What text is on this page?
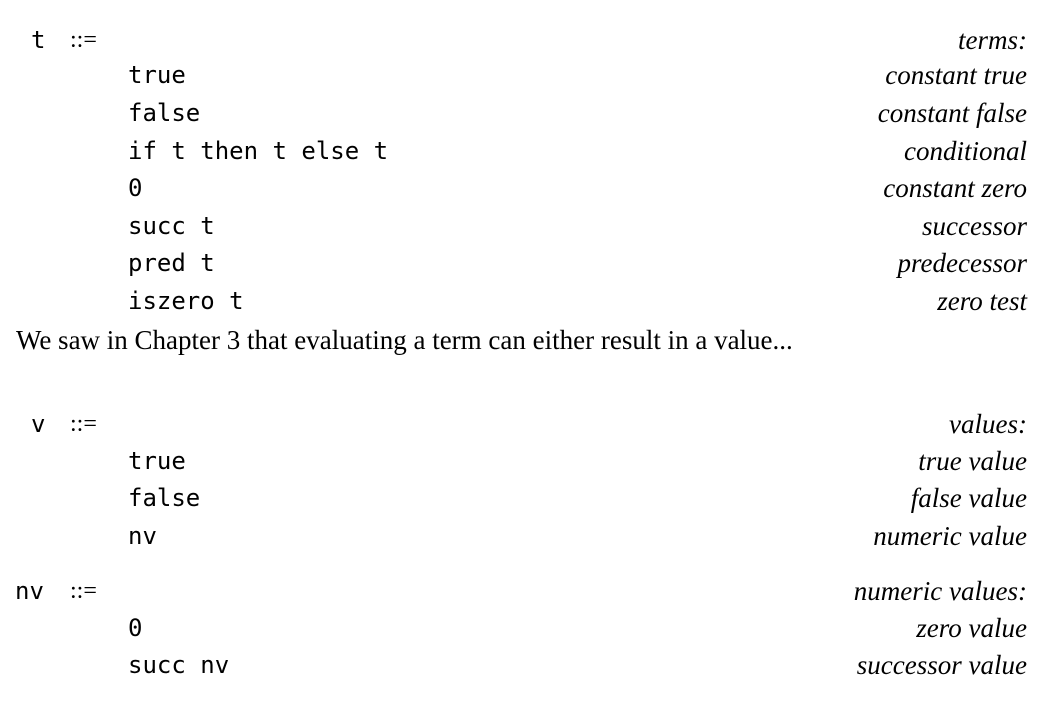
t ::=	terms:
true	constant true
false	constant false
if t then t else t	conditional
0	constant zero
succ t	successor
pred t	predecessor
iszero t	zero test
We saw in Chapter 3 that evaluating a term can either result in a value...
v ::=	values:
true	true value
false	false value
nv	numeric value
nv ::=	numeric values:
0	zero value
succ nv	successor value
